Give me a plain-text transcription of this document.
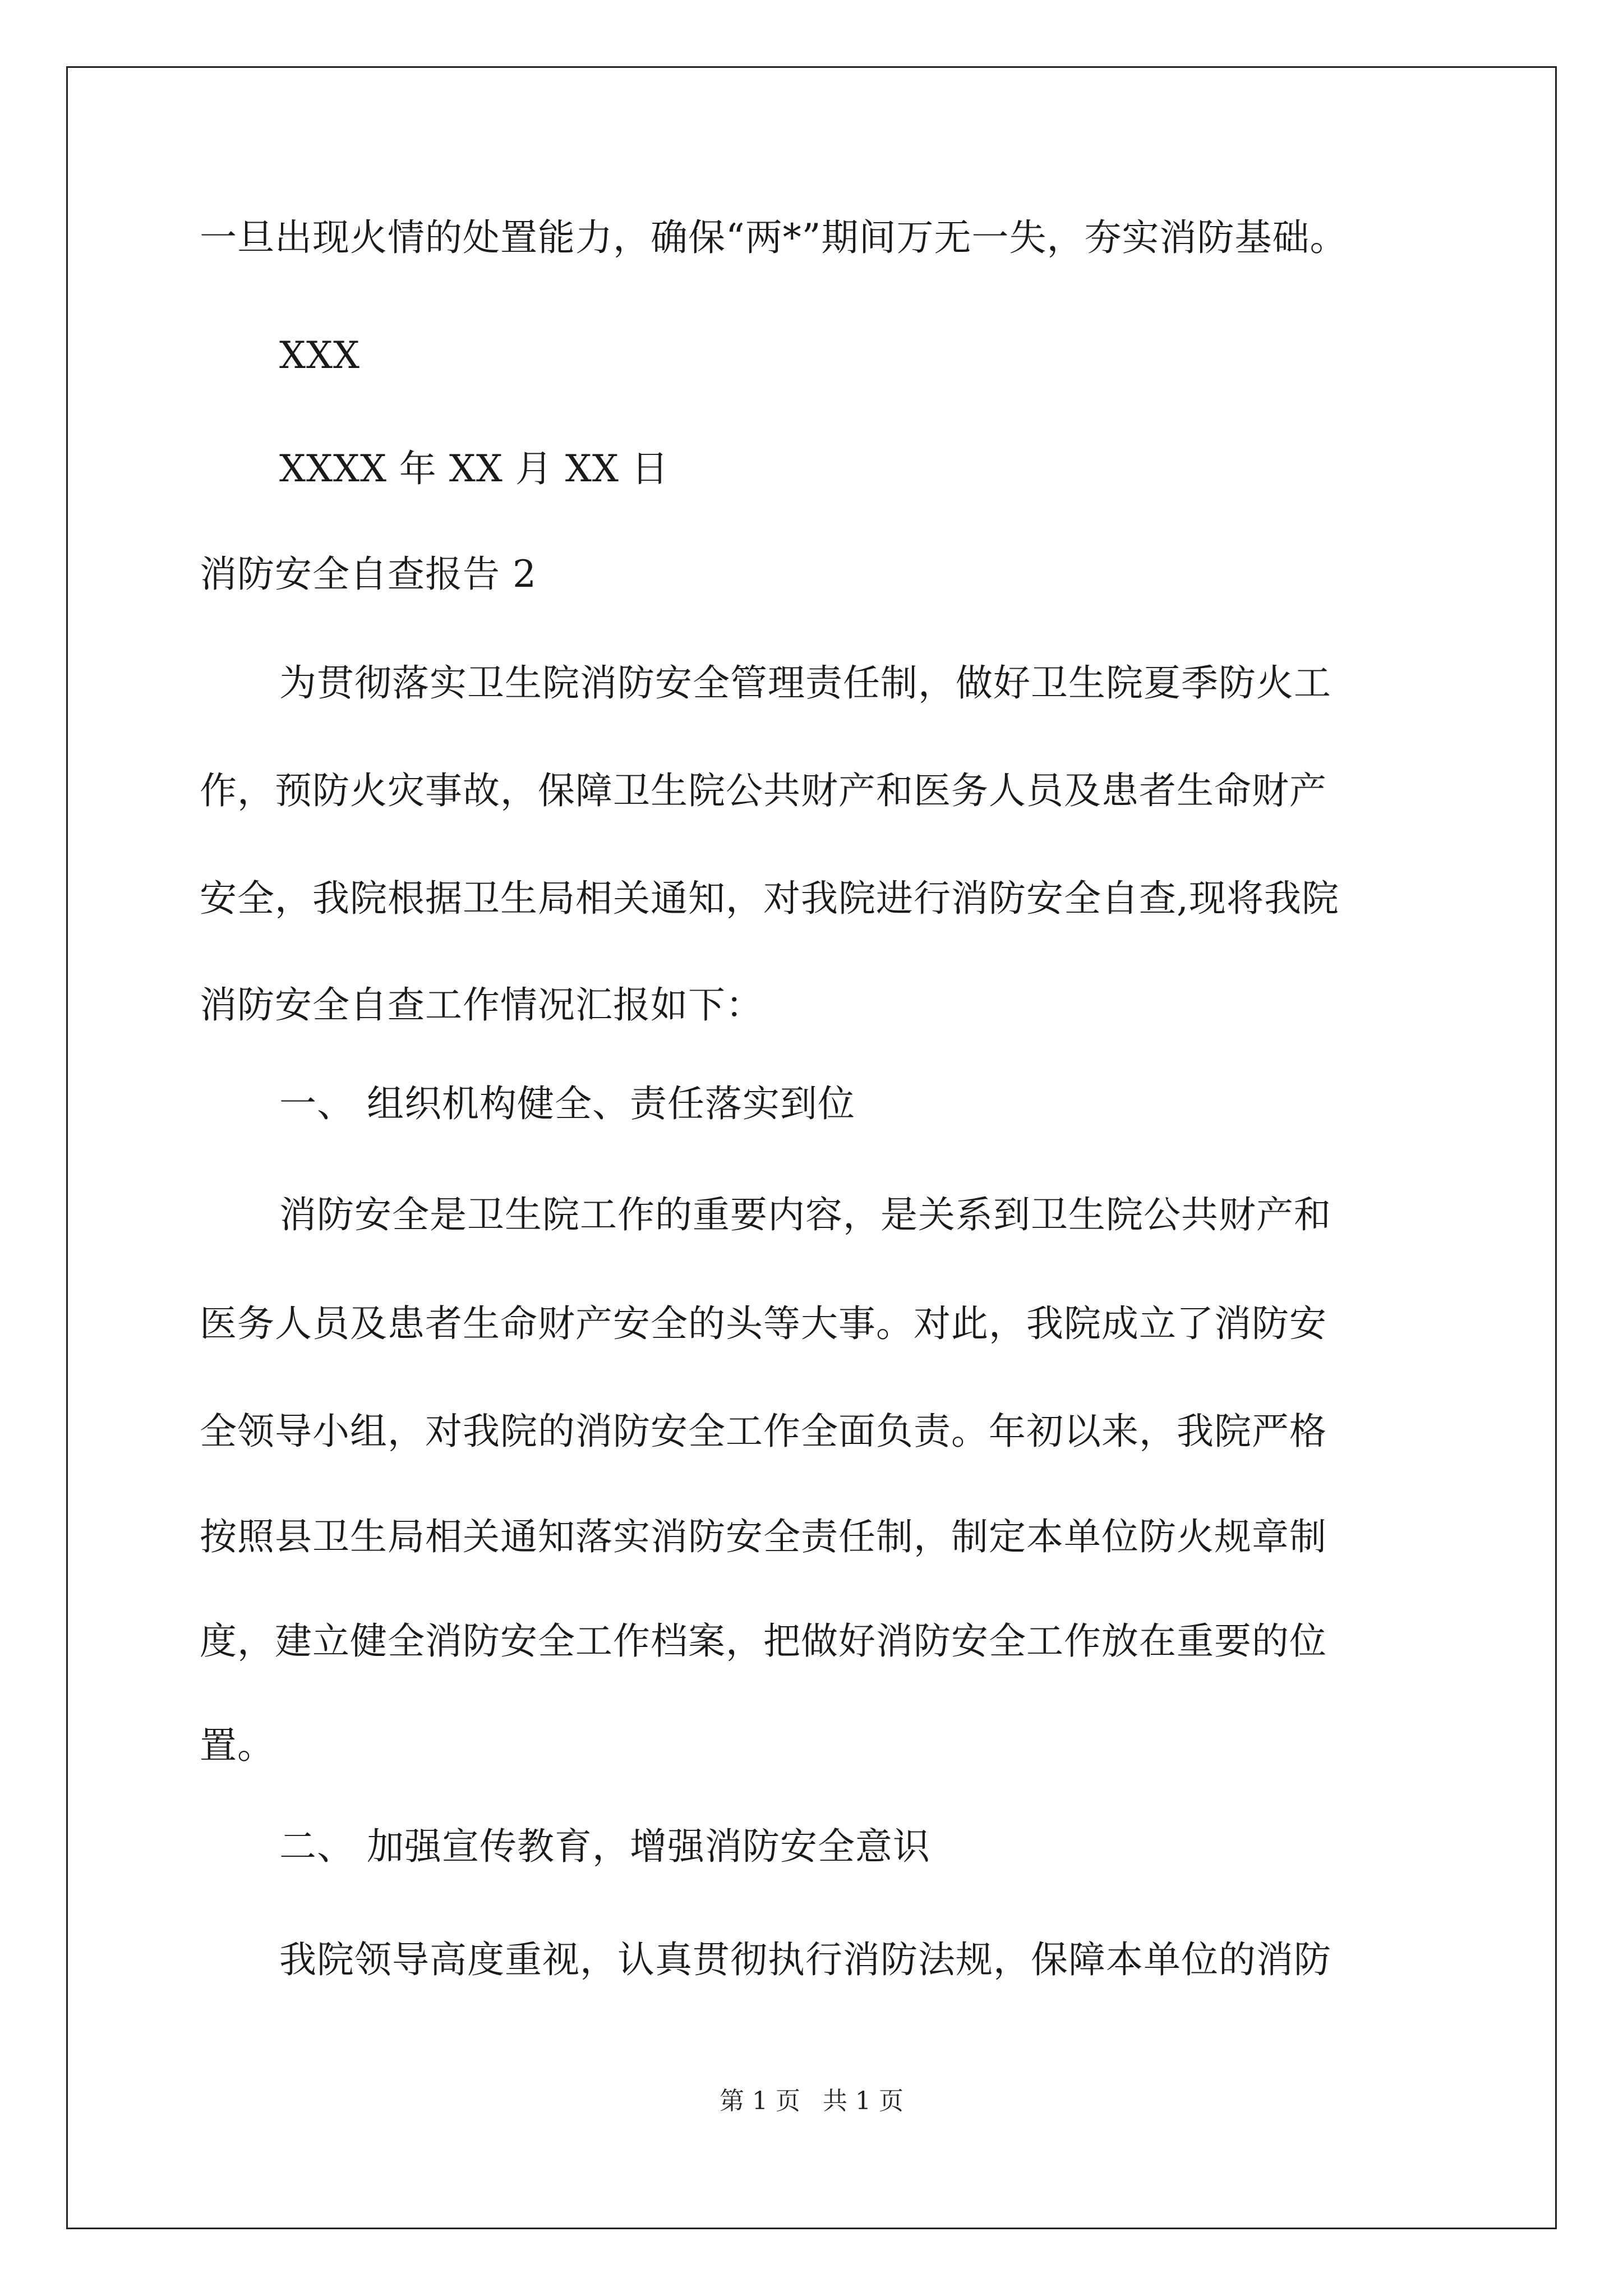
一旦出现火情的处置能力，确保“两*”期间万无一失，夯实消防基础。
XXX
XXXX 年 XX 月 XX 日
消防安全自查报告 2
为贯彻落实卫生院消防安全管理责任制，做好卫生院夏季防火工
作，预防火灾事故，保障卫生院公共财产和医务人员及患者生命财产
安全，我院根据卫生局相关通知，对我院进行消防安全自查,现将我院
消防安全自查工作情况汇报如下：
一、 组织机构健全、责任落实到位
消防安全是卫生院工作的重要内容，是关系到卫生院公共财产和
医务人员及患者生命财产安全的头等大事。对此，我院成立了消防安
全领导小组，对我院的消防安全工作全面负责。年初以来，我院严格
按照县卫生局相关通知落实消防安全责任制，制定本单位防火规章制
度，建立健全消防安全工作档案，把做好消防安全工作放在重要的位
置。
二、 加强宣传教育，增强消防安全意识
我院领导高度重视，认真贯彻执行消防法规，保障本单位的消防
第 1 页 共 1 页
